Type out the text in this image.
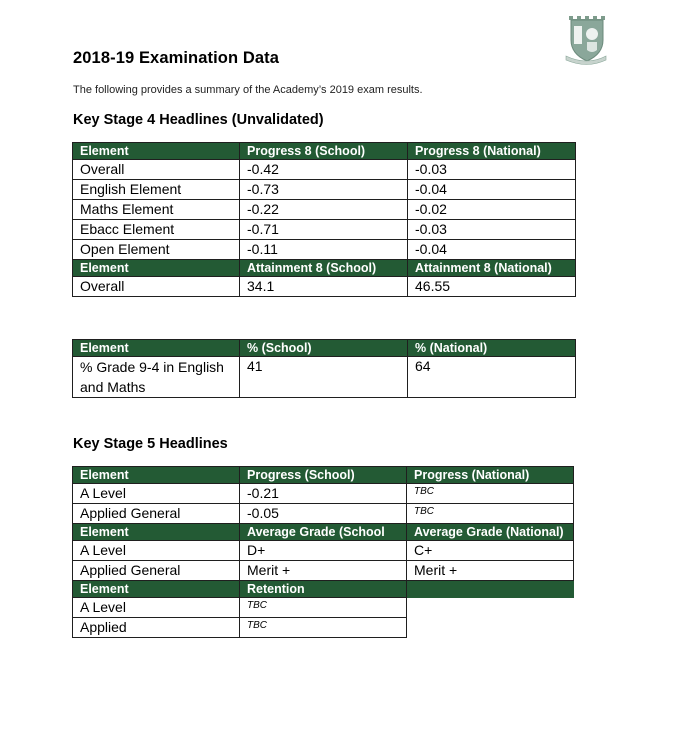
2018-19 Examination Data
The following provides a summary of the Academy’s 2019 exam results.
Key Stage 4 Headlines (Unvalidated)
Element	Progress 8 (School)	Progress 8 (National)
Overall	-0.42	-0.03
English Element	-0.73	-0.04
Maths Element	-0.22	-0.02
Ebacc Element	-0.71	-0.03
Open Element	-0.11	-0.04
Element	Attainment 8 (School)	Attainment 8 (National)
Overall	34.1	46.55
Element	% (School)	% (National)
% Grade 9-4 in English and Maths	41	64
Key Stage 5 Headlines
Element	Progress (School)	Progress (National)
A Level	-0.21	TBC
Applied General	-0.05	TBC
Element	Average Grade (School	Average Grade (National)
A Level	D+	C+
Applied General	Merit +	Merit +
Element	Retention	
A Level	TBC	
Applied	TBC	
